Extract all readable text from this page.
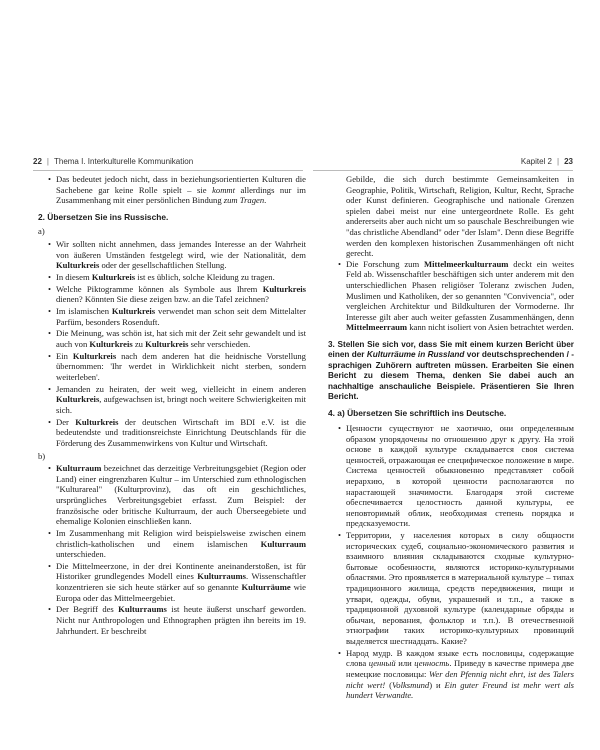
22 | Thema I. Interkulturelle Kommunikation	Kapitel 2 | 23
• Das bedeutet jedoch nicht, dass in beziehungsorientierten Kulturen die Sachebene gar keine Rolle spielt – sie kommt allerdings nur im Zusammenhang mit einer persönlichen Bindung zum Tragen.
2. Übersetzen Sie ins Russische.
a)
• Wir sollten nicht annehmen, dass jemandes Interesse an der Wahrheit von äußeren Umständen festgelegt wird, wie der Nationalität, dem Kulturkreis oder der gesellschaftlichen Stellung.
• In diesem Kulturkreis ist es üblich, solche Kleidung zu tragen.
• Welche Piktogramme können als Symbole aus Ihrem Kulturkreis dienen? Könnten Sie diese zeigen bzw. an die Tafel zeichnen?
• Im islamischen Kulturkreis verwendet man schon seit dem Mittelalter Parfüm, besonders Rosenduft.
• Die Meinung, was schön ist, hat sich mit der Zeit sehr gewandelt und ist auch von Kulturkreis zu Kulturkreis sehr verschieden.
• Ein Kulturkreis nach dem anderen hat die heidnische Vorstellung übernommen: 'Ihr werdet in Wirklichkeit nicht sterben, sondern weiterleben'.
• Jemanden zu heiraten, der weit weg, vielleicht in einem anderen Kulturkreis, aufgewachsen ist, bringt noch weitere Schwierigkeiten mit sich.
• Der Kulturkreis der deutschen Wirtschaft im BDI e.V. ist die bedeutendste und traditionsreichste Einrichtung Deutschlands für die Förderung des Zusammenwirkens von Kultur und Wirtschaft.
b)
• Kulturraum bezeichnet das derzeitige Verbreitungsgebiet (Region oder Land) einer eingrenzbaren Kultur – im Unterschied zum ethnologischen "Kulturareal" (Kulturprovinz), das oft ein geschichtliches, ursprüngliches Verbreitungsgebiet erfasst. Zum Beispiel: der französische oder britische Kulturraum, der auch Überseegebiete und ehemalige Kolonien einschließen kann.
• Im Zusammenhang mit Religion wird beispielsweise zwischen einem christlich-katholischen und einem islamischen Kulturraum unterschieden.
• Die Mittelmeerzone, in der drei Kontinente aneinanderstoßen, ist für Historiker grundlegendes Modell eines Kulturraums. Wissenschaftler konzentrieren sie sich heute stärker auf so genannte Kulturräume wie Europa oder das Mittelmeergebiet.
• Der Begriff des Kulturraums ist heute äußerst unscharf geworden. Nicht nur Anthropologen und Ethnographen prägten ihn bereits im 19. Jahrhundert. Er beschreibt

Gebilde, die sich durch bestimmte Gemeinsamkeiten in Geographie, Politik, Wirtschaft, Religion, Kultur, Recht, Sprache oder Kunst definieren. Geographische und nationale Grenzen spielen dabei meist nur eine untergeordnete Rolle. Es geht andererseits aber auch nicht um so pauschale Beschreibungen wie "das christliche Abendland" oder "der Islam". Denn diese Begriffe werden den komplexen historischen Zusammenhängen oft nicht gerecht.

• Die Forschung zum Mittelmeerkulturraum deckt ein weites Feld ab. Wissenschaftler beschäftigen sich unter anderem mit den unterschiedlichen Phasen religiöser Toleranz zwischen Juden, Muslimen und Katholiken, der so genannten "Convivencia", oder vergleichen Architektur und Bildkulturen der Vormoderne. Ihr Interesse gilt aber auch weiter gefassten Zusammenhängen, denn Mittelmeerraum kann nicht isoliert von Asien betrachtet werden.
3. Stellen Sie sich vor, dass Sie mit einem kurzen Bericht über einen der Kulturräume in Russland vor deutschsprechenden / -sprachigen Zuhörern auftreten müssen. Erarbeiten Sie einen Bericht zu diesem Thema, denken Sie dabei auch an nachhaltige anschauliche Beispiele. Präsentieren Sie Ihren Bericht.
4. a) Übersetzen Sie schriftlich ins Deutsche.
• Ценности существуют не хаотично, они определенным образом упорядочены по отношению друг к другу. На этой основе в каждой культуре складывается своя система ценностей, отражающая ее специфическое положение в мире. Система ценностей обыкновенно представляет собой иерархию, в которой ценности располагаются по нарастающей значимости. Благодаря этой системе обеспечивается целостность данной культуры, ее неповторимый облик, необходимая степень порядка и предсказуемости.
• Территории, у населения которых в силу общности исторических судеб, социально-экономического развития и взаимного влияния складываются сходные культурно-бытовые особенности, являются историко-культурными областями. Это проявляется в материальной культуре – типах традиционного жилища, средств передвижения, пищи и утвари, одежды, обуви, украшений и т.п., а также в традиционной духовной культуре (календарные обряды и обычаи, верования, фольклор и т.п.). В отечественной этнографии таких историко-культурных провинций выделяется шестнадцать. Какие?
• Народ мудр. В каждом языке есть пословицы, содержащие слова ценный или ценность. Приведу в качестве примера две немецкие пословицы: Wer den Pfennig nicht ehrt, ist des Talers nicht wert! (Volksmund) и Ein guter Freund ist mehr wert als hundert Verwandte.
